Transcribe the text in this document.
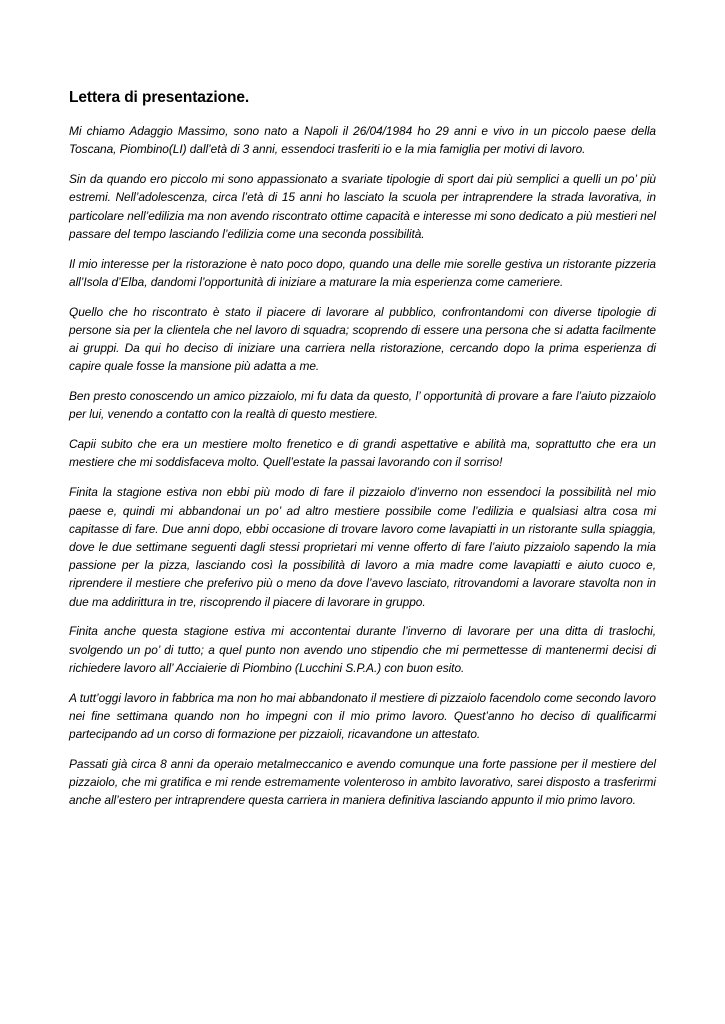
Lettera di presentazione.

Mi chiamo Adaggio Massimo, sono nato a Napoli il 26/04/1984 ho 29 anni e vivo in un piccolo paese della Toscana, Piombino(LI) dall’età di 3 anni, essendoci trasferiti io e la mia famiglia per motivi di lavoro.

Sin da quando ero piccolo mi sono appassionato a svariate tipologie di sport dai più semplici a quelli un po’ più estremi. Nell’adolescenza, circa l’età di 15 anni ho lasciato la scuola per intraprendere la strada lavorativa, in particolare nell’edilizia ma non avendo riscontrato ottime capacità e interesse mi sono dedicato a più mestieri nel passare del tempo lasciando l’edilizia come una seconda possibilità.

Il mio interesse per la ristorazione è nato poco dopo, quando una delle mie sorelle gestiva un ristorante pizzeria all’Isola d’Elba, dandomi l’opportunità di iniziare a maturare la mia esperienza come cameriere.

Quello che ho riscontrato è stato il piacere di lavorare al pubblico, confrontandomi con diverse tipologie di persone sia per la clientela che nel lavoro di squadra; scoprendo di essere una persona che si adatta facilmente ai gruppi. Da qui ho deciso di iniziare una carriera nella ristorazione, cercando dopo la prima esperienza di capire quale fosse la mansione più adatta a me.

Ben presto conoscendo un amico pizzaiolo, mi fu data da questo, l’ opportunità di provare a fare l’aiuto pizzaiolo per lui, venendo a contatto con la realtà di questo mestiere.

Capii subito che era un mestiere molto frenetico e di grandi aspettative e abilità ma, soprattutto che era un mestiere che mi soddisfaceva molto. Quell’estate la passai lavorando con il sorriso!

Finita la stagione estiva non ebbi più modo di fare il pizzaiolo d’inverno non essendoci la possibilità nel mio paese e, quindi mi abbandonai un po’ ad altro mestiere possibile come l’edilizia e qualsiasi altra cosa mi capitasse di fare. Due anni dopo, ebbi occasione di trovare lavoro come lavapiatti in un ristorante sulla spiaggia, dove le due settimane seguenti dagli stessi proprietari mi venne offerto di fare l’aiuto pizzaiolo sapendo la mia passione per la pizza, lasciando così la possibilità di lavoro a mia madre come lavapiatti e aiuto cuoco e, riprendere il mestiere che preferivo più o meno da dove l’avevo lasciato, ritrovandomi a lavorare stavolta non in due ma addirittura in tre, riscoprendo il piacere di lavorare in gruppo.

Finita anche questa stagione estiva mi accontentai durante l’inverno di lavorare per una ditta di traslochi, svolgendo un po’ di tutto; a quel punto non avendo uno stipendio che mi permettesse di mantenermi decisi di richiedere lavoro all’ Acciaierie di Piombino (Lucchini S.P.A.) con buon esito.

A tutt’oggi lavoro in fabbrica ma non ho mai abbandonato il mestiere di pizzaiolo facendolo come secondo lavoro nei fine settimana quando non ho impegni con il mio primo lavoro. Quest’anno ho deciso di qualificarmi partecipando ad un corso di formazione per pizzaioli, ricavandone un attestato.

Passati già circa 8 anni da operaio metalmeccanico e avendo comunque una forte passione per il mestiere del pizzaiolo, che mi gratifica e mi rende estremamente volenteroso in ambito lavorativo, sarei disposto a trasferirmi anche all’estero per intraprendere questa carriera in maniera definitiva lasciando appunto il mio primo lavoro.
